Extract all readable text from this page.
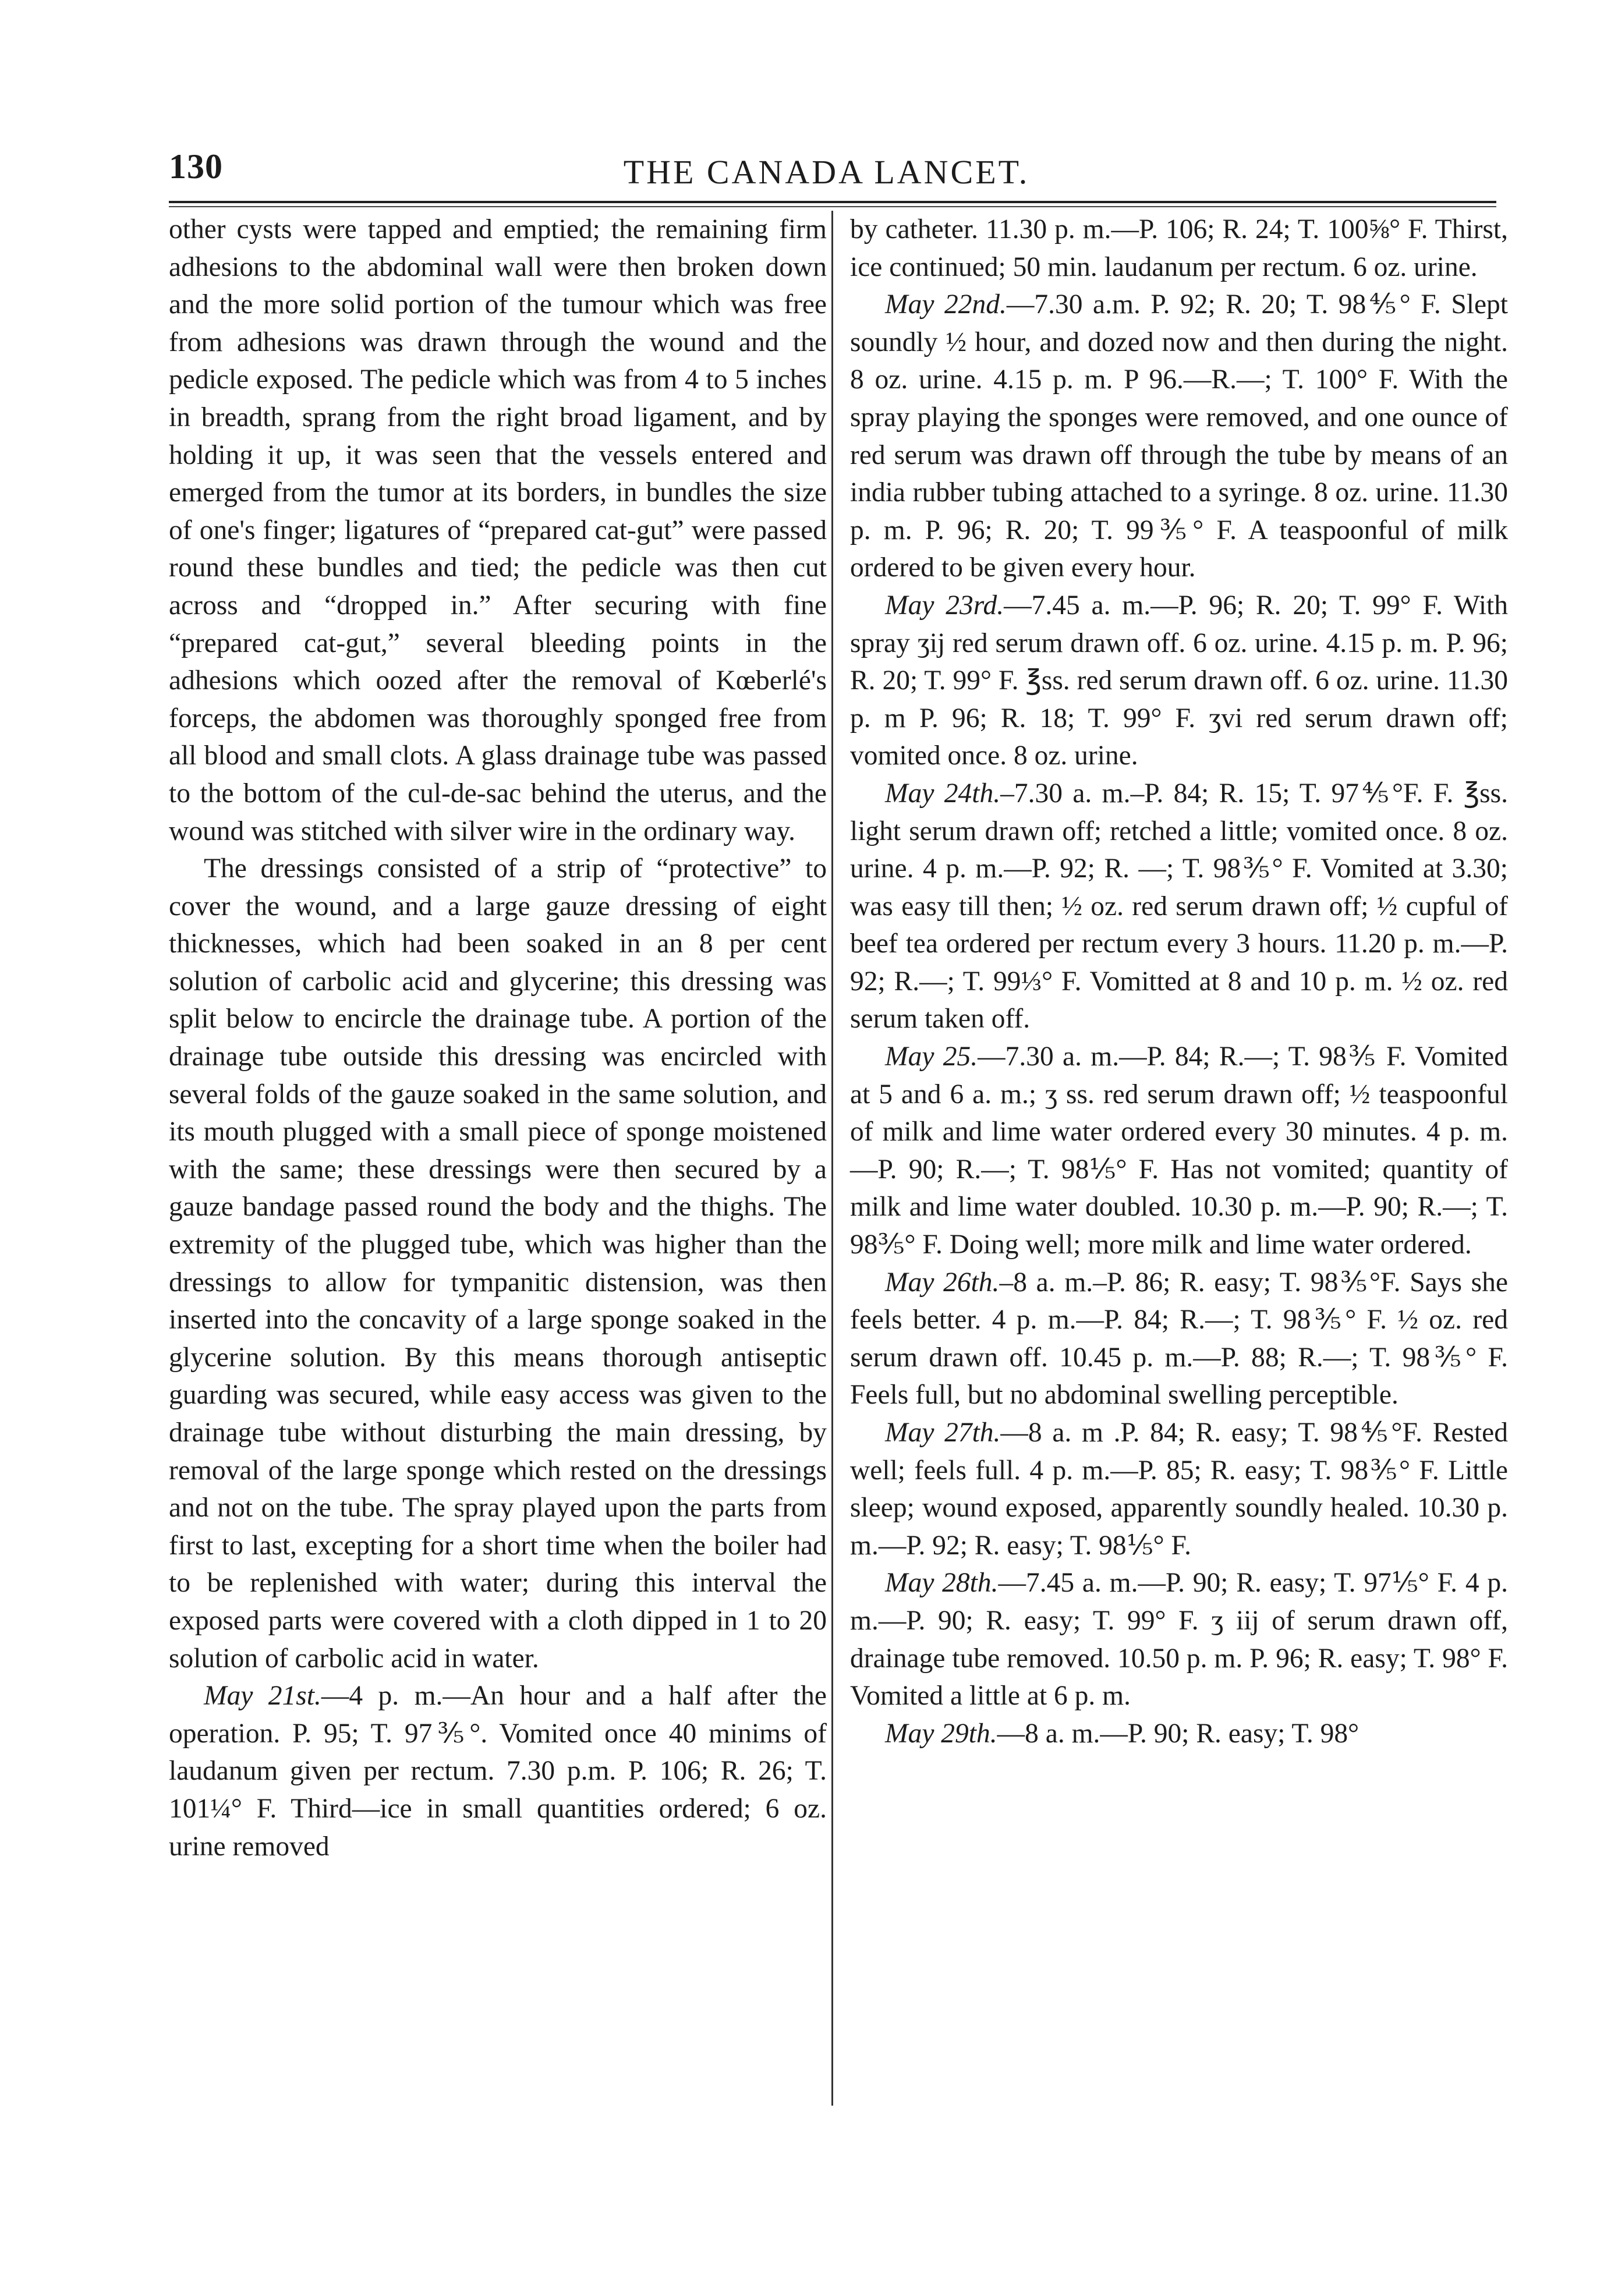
130	THE CANADA LANCET.

other cysts were tapped and emptied; the remaining firm adhesions to the abdominal wall were then broken down and the more solid portion of the tumour which was free from adhesions was drawn through the wound and the pedicle exposed. The pedicle which was from 4 to 5 inches in breadth, sprang from the right broad ligament, and by holding it up, it was seen that the vessels entered and emerged from the tumor at its borders, in bundles the size of one's finger; ligatures of “prepared cat-gut” were passed round these bundles and tied; the pedicle was then cut across and “dropped in.” After securing with fine “prepared cat-gut,” several bleeding points in the adhesions which oozed after the removal of Kœberlé's forceps, the abdomen was thoroughly sponged free from all blood and small clots. A glass drainage tube was passed to the bottom of the cul-de-sac behind the uterus, and the wound was stitched with silver wire in the ordinary way.

The dressings consisted of a strip of “protective” to cover the wound, and a large gauze dressing of eight thicknesses, which had been soaked in an 8 per cent solution of carbolic acid and glycerine; this dressing was split below to encircle the drainage tube. A portion of the drainage tube outside this dressing was encircled with several folds of the gauze soaked in the same solution, and its mouth plugged with a small piece of sponge moistened with the same; these dressings were then secured by a gauze bandage passed round the body and the thighs. The extremity of the plugged tube, which was higher than the dressings to allow for tympanitic distension, was then inserted into the concavity of a large sponge soaked in the glycerine solution. By this means thorough antiseptic guarding was secured, while easy access was given to the drainage tube without disturbing the main dressing, by removal of the large sponge which rested on the dressings and not on the tube. The spray played upon the parts from first to last, excepting for a short time when the boiler had to be replenished with water; during this interval the exposed parts were covered with a cloth dipped in 1 to 20 solution of carbolic acid in water.

May 21st.—4 p. m.—An hour and a half after the operation. P. 95; T. 97⅗°. Vomited once 40 minims of laudanum given per rectum. 7.30 p.m. P. 106; R. 26; T. 101¼° F. Third—ice in small quantities ordered; 6 oz. urine removed

by catheter. 11.30 p. m.—P. 106; R. 24; T. 100⅝° F. Thirst, ice continued; 50 min. laudanum per rectum. 6 oz. urine.

May 22nd.—7.30 a.m. P. 92; R. 20; T. 98⅘° F. Slept soundly ½ hour, and dozed now and then during the night. 8 oz. urine. 4.15 p. m. P 96.—R.—; T. 100° F. With the spray playing the sponges were removed, and one ounce of red serum was drawn off through the tube by means of an india rubber tubing attached to a syringe. 8 oz. urine. 11.30 p. m. P. 96; R. 20; T. 99⅗° F. A teaspoonful of milk ordered to be given every hour.

May 23rd.—7.45 a. m.—P. 96; R. 20; T. 99° F. With spray ʒij red serum drawn off. 6 oz. urine. 4.15 p. m. P. 96; R. 20; T. 99° F. ℥ss. red serum drawn off. 6 oz. urine. 11.30 p. m P. 96; R. 18; T. 99° F. ʒvi red serum drawn off; vomited once. 8 oz. urine.

May 24th.–7.30 a. m.–P. 84; R. 15; T. 97⅘°F. F. ℥ss. light serum drawn off; retched a little; vomited once. 8 oz. urine. 4 p. m.—P. 92; R. —; T. 98⅗° F. Vomited at 3.30; was easy till then; ½ oz. red serum drawn off; ½ cupful of beef tea ordered per rectum every 3 hours. 11.20 p. m.—P. 92; R.—; T. 99⅓° F. Vomitted at 8 and 10 p. m. ½ oz. red serum taken off.

May 25.—7.30 a. m.—P. 84; R.—; T. 98⅗ F. Vomited at 5 and 6 a. m.; ʒ ss. red serum drawn off; ½ teaspoonful of milk and lime water ordered every 30 minutes. 4 p. m.—P. 90; R.—; T. 98⅕° F. Has not vomited; quantity of milk and lime water doubled. 10.30 p. m.—P. 90; R.—; T. 98⅗° F. Doing well; more milk and lime water ordered.

May 26th.–8 a. m.–P. 86; R. easy; T. 98⅗°F. Says she feels better. 4 p. m.—P. 84; R.—; T. 98⅗° F. ½ oz. red serum drawn off. 10.45 p. m.—P. 88; R.—; T. 98⅗° F. Feels full, but no abdominal swelling perceptible.

May 27th.—8 a. m .P. 84; R. easy; T. 98⅘°F. Rested well; feels full. 4 p. m.—P. 85; R. easy; T. 98⅗° F. Little sleep; wound exposed, apparently soundly healed. 10.30 p. m.—P. 92; R. easy; T. 98⅕° F.

May 28th.—7.45 a. m.—P. 90; R. easy; T. 97⅕° F. 4 p. m.—P. 90; R. easy; T. 99° F. ʒ iij of serum drawn off, drainage tube removed. 10.50 p. m. P. 96; R. easy; T. 98° F. Vomited a little at 6 p. m.

May 29th.—8 a. m.—P. 90; R. easy; T. 98°
